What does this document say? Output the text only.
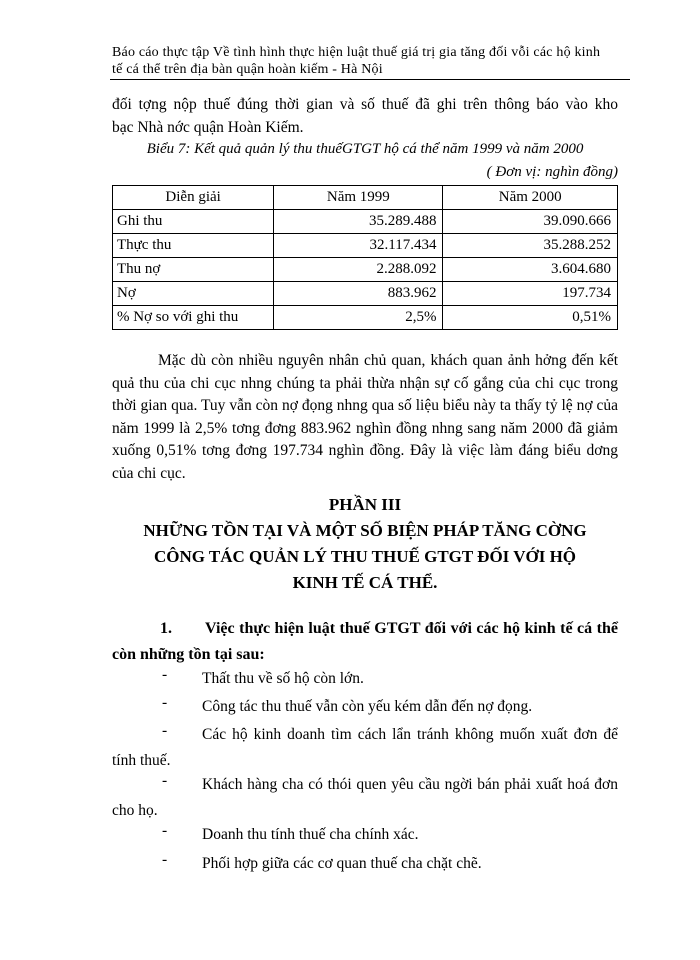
Báo cáo thực tập Về tình hình thực hiện luật thuế giá trị gia tăng đối vỗi các hộ kinh
tế cá thể trên địa bàn quận hoàn kiếm - Hà Nội
đối tợng nộp thuế đúng thời gian và số thuế đã ghi trên thông báo vào kho
bạc Nhà nớc quận Hoàn Kiếm.
Biểu 7: Kết quả quản lý thu thuếGTGT hộ cá thể năm 1999 và năm 2000
( Đơn vị: nghìn đồng)
Diễn giải	Năm 1999	Năm 2000
Ghi thu	35.289.488	39.090.666
Thực thu	32.117.434	35.288.252
Thu nợ	2.288.092	3.604.680
Nợ	883.962	197.734
% Nợ so với ghi thu	2,5%	0,51%
Mặc dù còn nhiều nguyên nhân chủ quan, khách quan ảnh hởng đến kết quả thu của chi cục nhng chúng ta phải thừa nhận sự cố gắng của chi cục trong thời gian qua. Tuy vẫn còn nợ đọng nhng qua số liệu biểu này ta thấy tỷ lệ nợ của năm 1999 là 2,5% tơng đơng 883.962 nghìn đồng nhng sang năm 2000 đã giảm xuống 0,51% tơng đơng 197.734 nghìn đồng. Đây là việc làm đáng biểu dơng của chi cục.
PHẦN III
NHỮNG TỒN TẠI VÀ MỘT SỐ BIỆN PHÁP TĂNG CỜNG
CÔNG TÁC QUẢN LÝ THU THUẾ GTGT ĐỐI VỚI HỘ
KINH TẾ CÁ THỂ.
1. Việc thực hiện luật thuế GTGT đối với các hộ kinh tế cá thể còn những tồn tại sau:
-	Thất thu về số hộ còn lớn.
-	Công tác thu thuế vẫn còn yếu kém dẫn đến nợ đọng.
-	Các hộ kinh doanh tìm cách lẩn tránh không muốn xuất đơn để tính thuế.
-	Khách hàng cha có thói quen yêu cầu ngời bán phải xuất hoá đơn cho họ.
-	Doanh thu tính thuế cha chính xác.
-	Phối hợp giữa các cơ quan thuế cha chặt chẽ.
